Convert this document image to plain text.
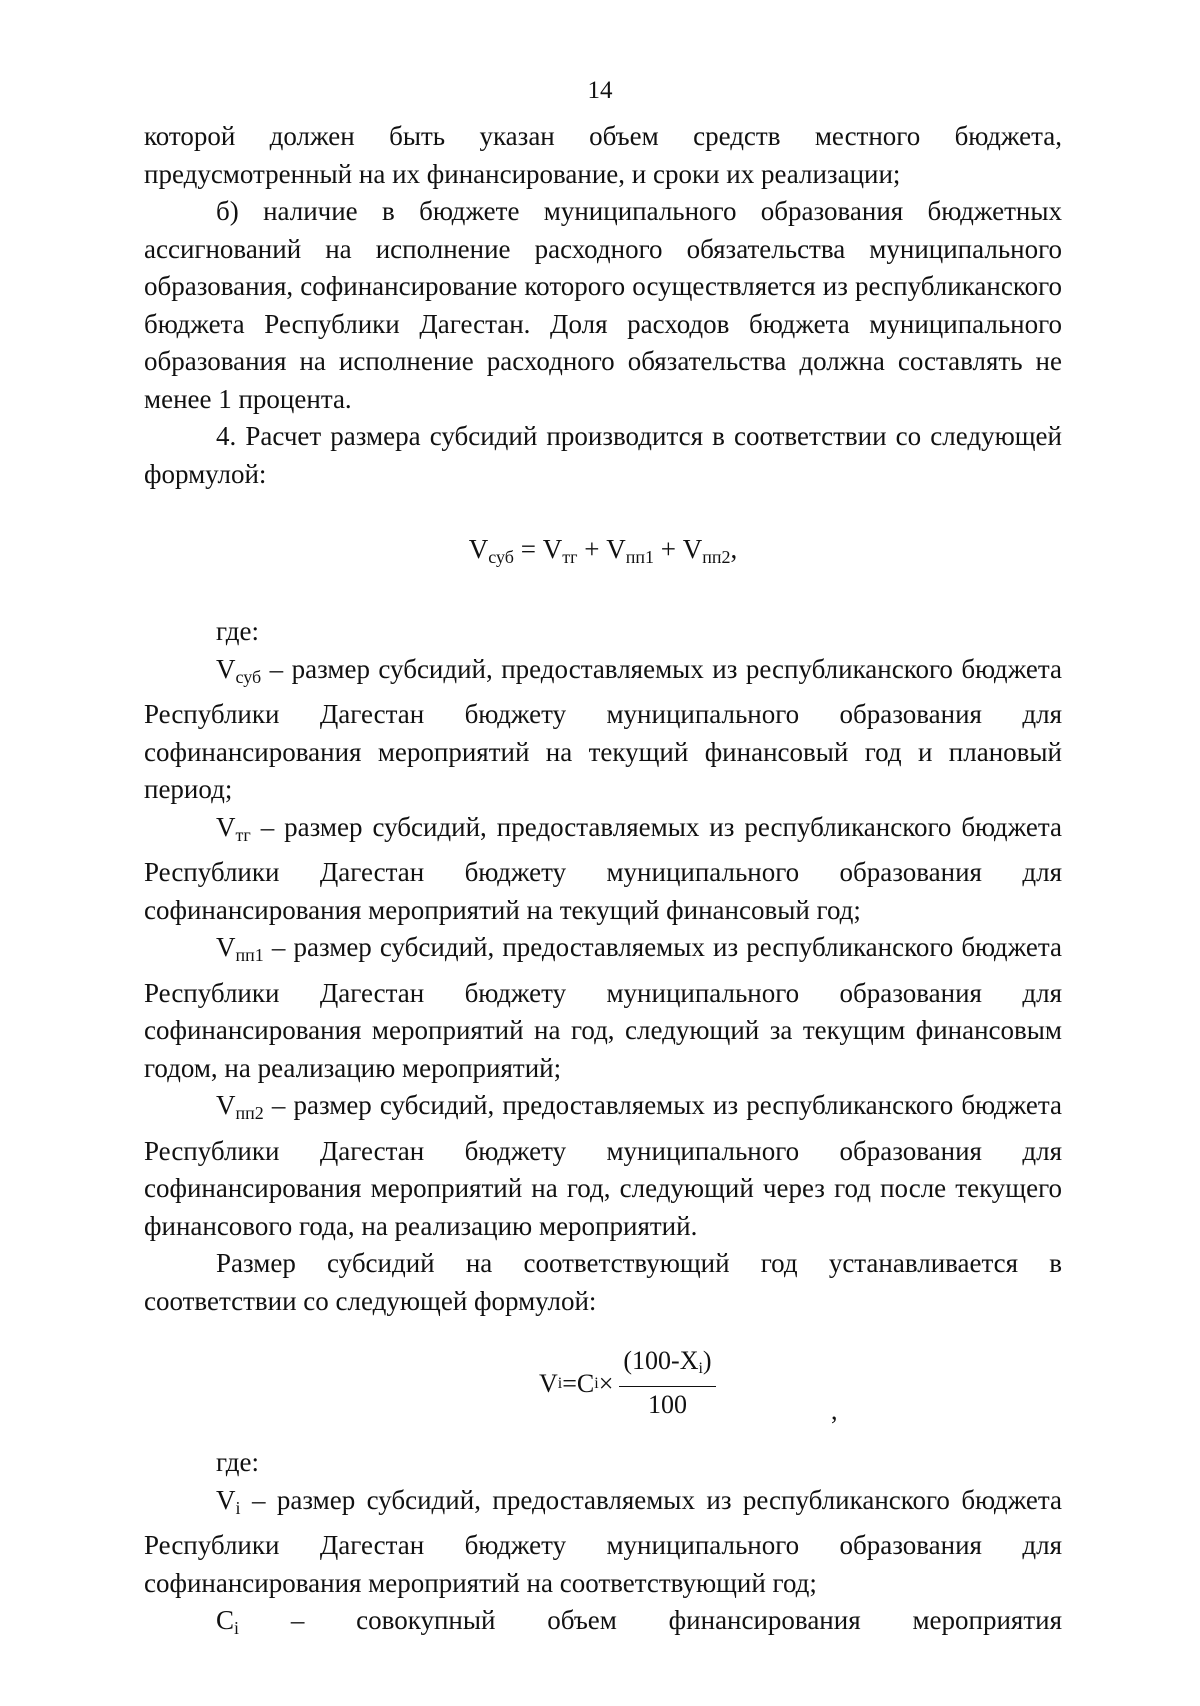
14

которой должен быть указан объем средств местного бюджета, предусмотренный на их финансирование, и сроки их реализации;

б) наличие в бюджете муниципального образования бюджетных ассигнований на исполнение расходного обязательства муниципального образования, софинансирование которого осуществляется из республиканского бюджета Республики Дагестан. Доля расходов бюджета муниципального образования на исполнение расходного обязательства должна составлять не менее 1 процента.

4. Расчет размера субсидий производится в соответствии со следующей формулой:

$V_{суб} = V_{тг} + V_{пп1} + V_{пп2}$,

где:

Vсуб – размер субсидий, предоставляемых из республиканского бюджета Республики Дагестан бюджету муниципального образования для софинансирования мероприятий на текущий финансовый год и плановый период;

Vтг – размер субсидий, предоставляемых из республиканского бюджета Республики Дагестан бюджету муниципального образования для софинансирования мероприятий на текущий финансовый год;

Vпп1 – размер субсидий, предоставляемых из республиканского бюджета Республики Дагестан бюджету муниципального образования для софинансирования мероприятий на год, следующий за текущим финансовым годом, на реализацию мероприятий;

Vпп2 – размер субсидий, предоставляемых из республиканского бюджета Республики Дагестан бюджету муниципального образования для софинансирования мероприятий на год, следующий через год после текущего финансового года, на реализацию мероприятий.

Размер субсидий на соответствующий год устанавливается в соответствии со следующей формулой:

V i =C $i \times \frac{(100-Xi)}{100}$	,

где:

Vi – размер субсидий, предоставляемых из республиканского бюджета Республики Дагестан бюджету муниципального образования для софинансирования мероприятий на соответствующий год;

Ci – совокупный объем финансирования мероприятия
